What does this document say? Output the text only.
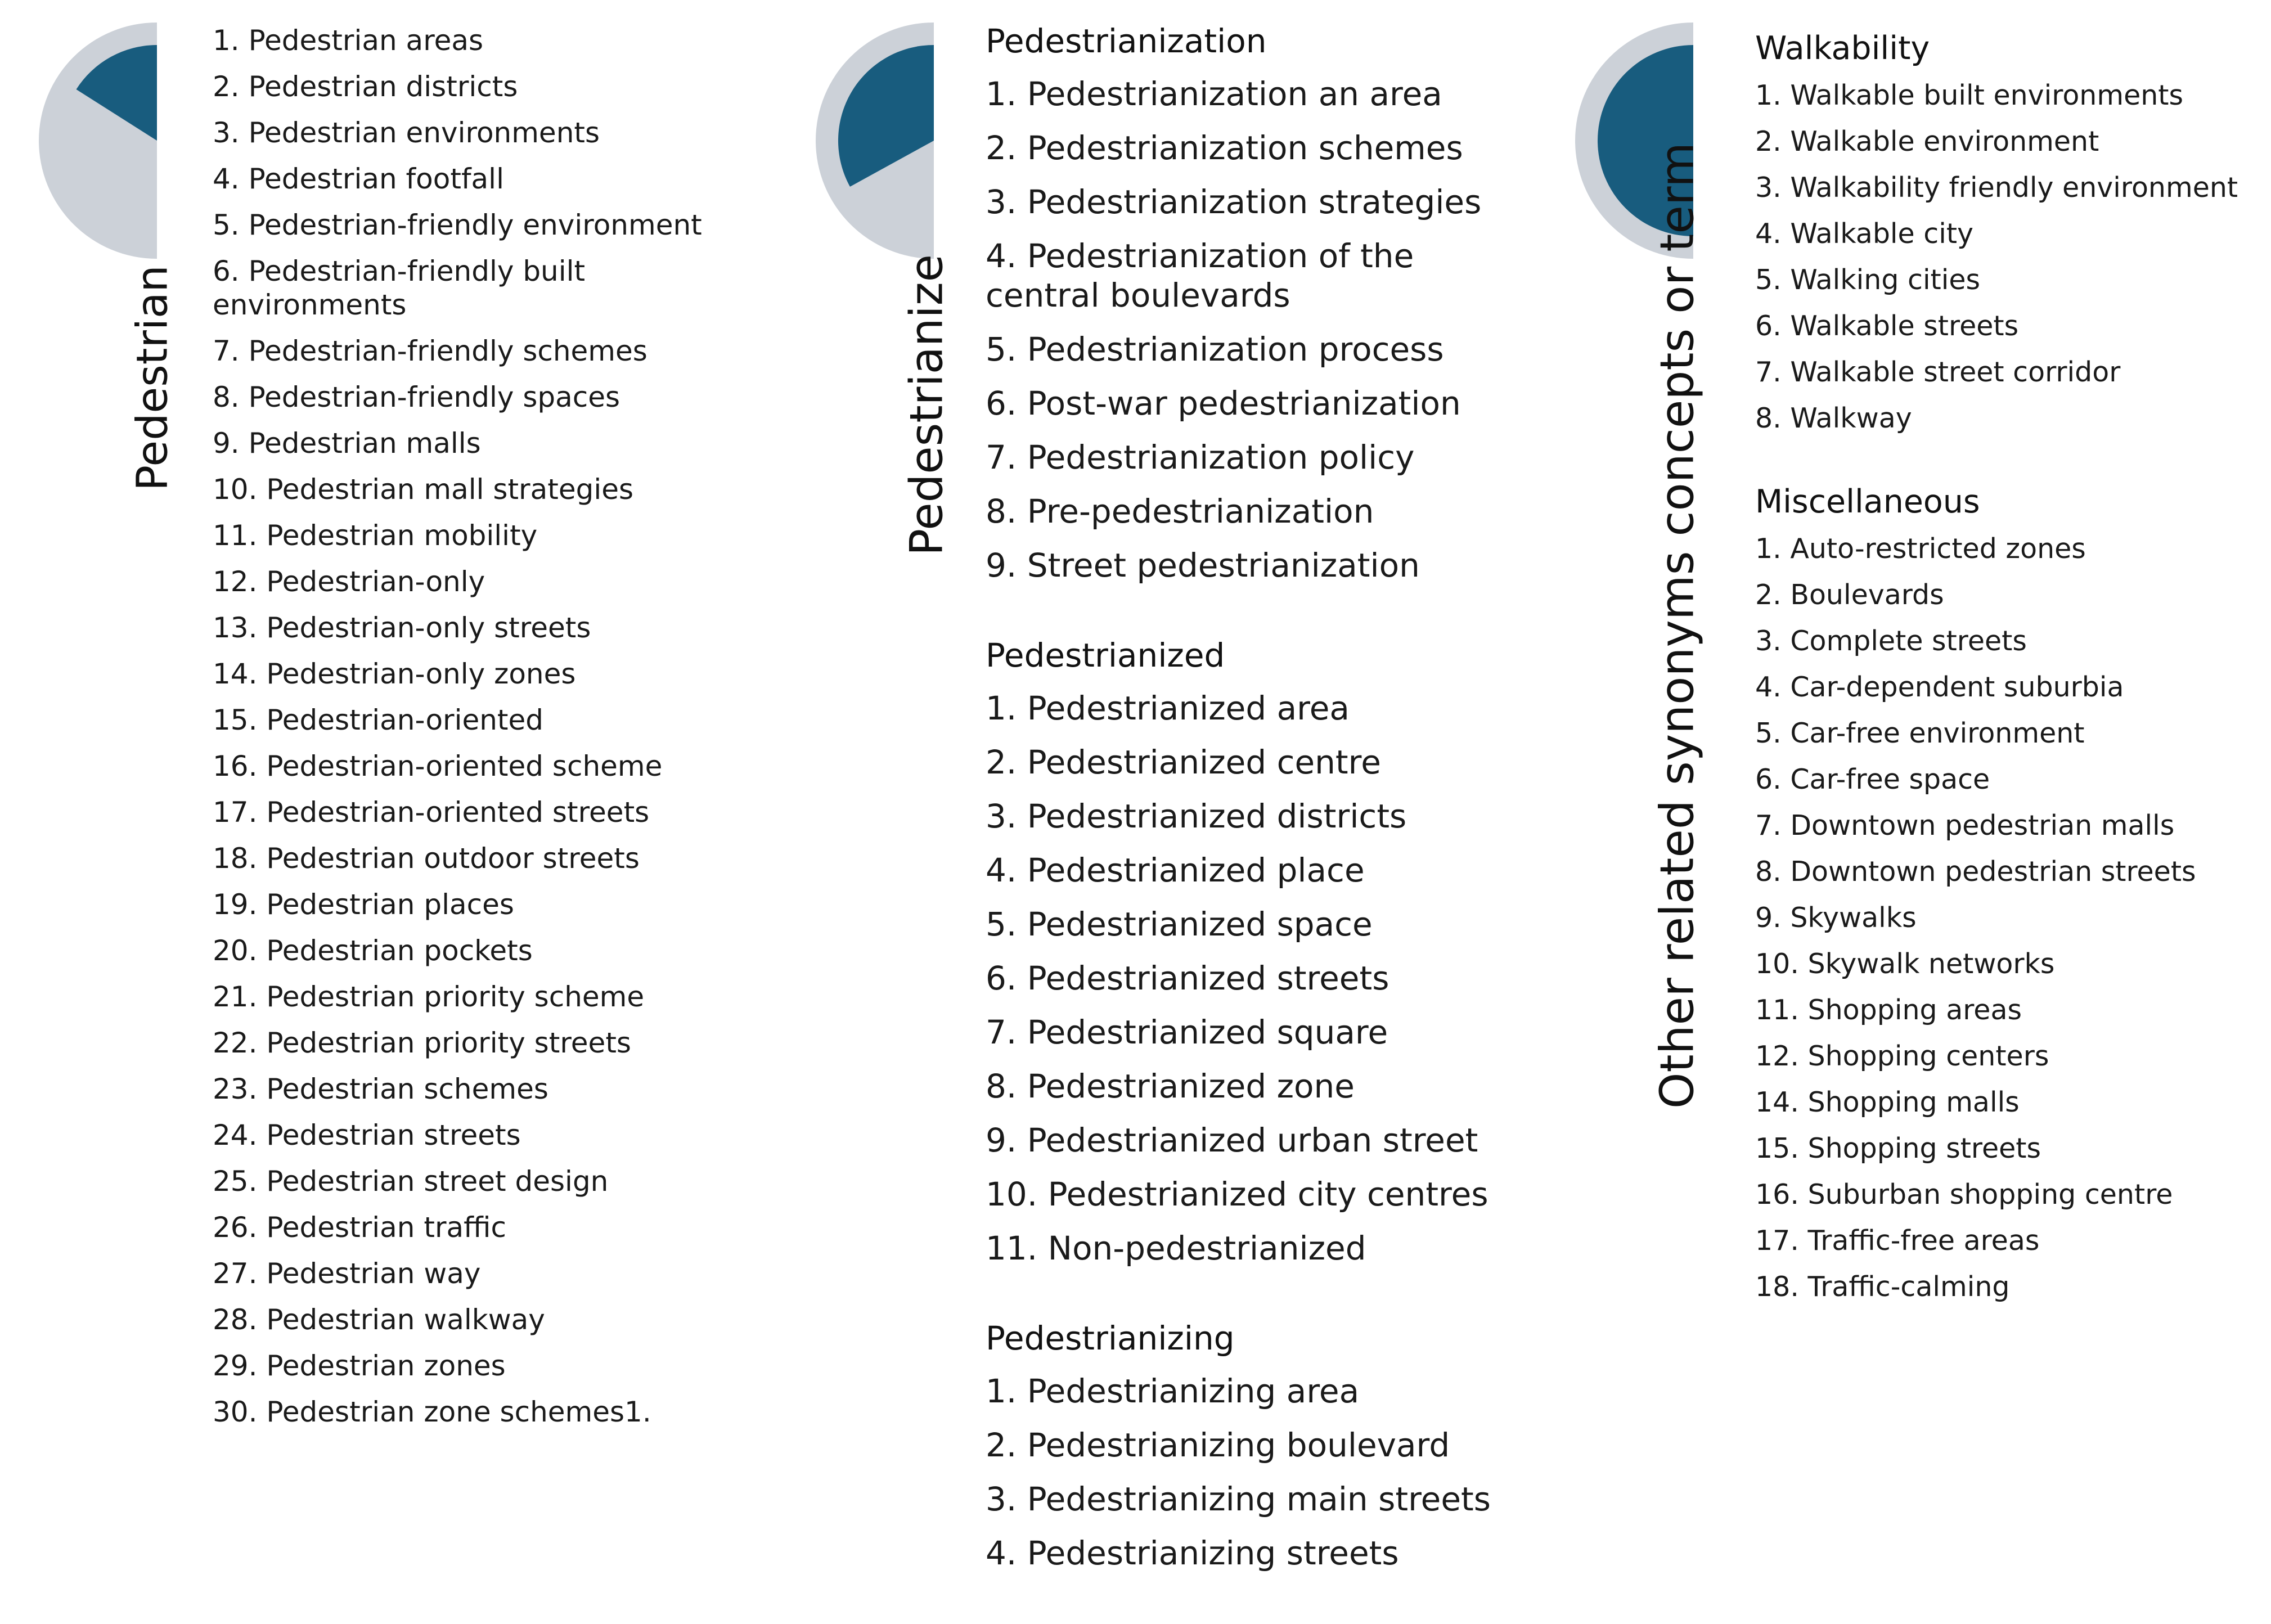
Pedestrian
1. Pedestrian areas
2. Pedestrian districts
3. Pedestrian environments
4. Pedestrian footfall
5. Pedestrian-friendly environment
6. Pedestrian-friendly built environments
7. Pedestrian-friendly schemes
8. Pedestrian-friendly spaces
9. Pedestrian malls
10. Pedestrian mall strategies
11. Pedestrian mobility
12. Pedestrian-only
13. Pedestrian-only streets
14. Pedestrian-only zones
15. Pedestrian-oriented
16. Pedestrian-oriented scheme
17. Pedestrian-oriented streets
18. Pedestrian outdoor streets
19. Pedestrian places
20. Pedestrian pockets
21. Pedestrian priority scheme
22. Pedestrian priority streets
23. Pedestrian schemes
24. Pedestrian streets
25. Pedestrian street design
26. Pedestrian traffic
27. Pedestrian way
28. Pedestrian walkway
29. Pedestrian zones
30. Pedestrian zone schemes1.
Pedestrianize
Pedestrianization
1. Pedestrianization an area
2. Pedestrianization schemes
3. Pedestrianization strategies
4. Pedestrianization of the central boulevards
5. Pedestrianization process
6. Post-war pedestrianization
7. Pedestrianization policy
8. Pre-pedestrianization
9. Street pedestrianization
Pedestrianized
1. Pedestrianized area
2. Pedestrianized centre
3. Pedestrianized districts
4. Pedestrianized place
5. Pedestrianized space
6. Pedestrianized streets
7. Pedestrianized square
8. Pedestrianized zone
9. Pedestrianized urban street
10. Pedestrianized city centres
11. Non-pedestrianized
Pedestrianizing
1. Pedestrianizing area
2. Pedestrianizing boulevard
3. Pedestrianizing main streets
4. Pedestrianizing streets
Other related synonyms concepts or term
Walkability
1. Walkable built environments
2. Walkable environment
3. Walkability friendly environment
4. Walkable city
5. Walking cities
6. Walkable streets
7. Walkable street corridor
8. Walkway
Miscellaneous
1. Auto-restricted zones
2. Boulevards
3. Complete streets
4. Car-dependent suburbia
5. Car-free environment
6. Car-free space
7. Downtown pedestrian malls
8. Downtown pedestrian streets
9. Skywalks
10. Skywalk networks
11. Shopping areas
12. Shopping centers
14. Shopping malls
15. Shopping streets
16. Suburban shopping centre
17. Traffic-free areas
18. Traffic-calming
